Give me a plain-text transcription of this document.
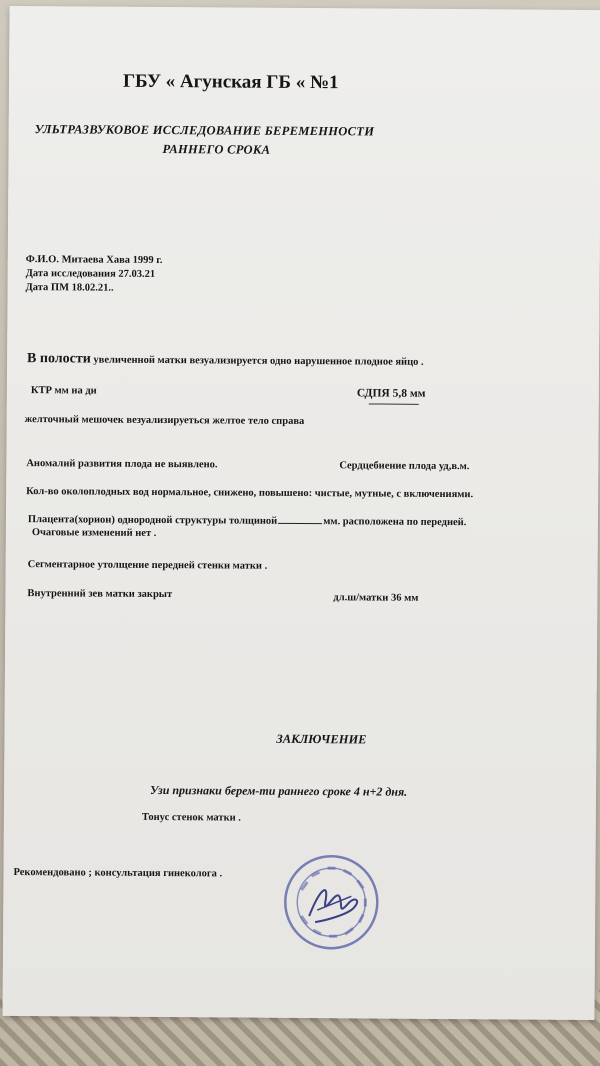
ГБУ « Агунская ГБ « №1
УЛЬТРАЗВУКОВОЕ ИССЛЕДОВАНИЕ БЕРЕМЕННОСТИ
РАННЕГО СРОКА
Ф.И.О. Митаева Хава 1999 г.
Дата исследования 27.03.21
Дата ПМ 18.02.21..
В полости увеличенной матки везуализируется одно нарушенное плодное яйцо .
КТР мм на ди	СДПЯ 5,8 мм
желточный мешочек везуализируеться желтое тело справа
Аномалий развития плода не выявлено.	Сердцебиение плода уд,в.м.
Кол-во околоплодных вод нормальное, снижено, повышено: чистые, мутные, с включениями.
Плацента(хорион) однородной структуры толщиной	мм. расположена по передней.
Очаговые изменений нет .
Сегментарное утолщение передней стенки матки .
Внутренний зев матки закрыт	дл.ш/матки 36 мм
ЗАКЛЮЧЕНИЕ
Узи признаки берем-ти раннего сроке 4 н+2 дня.
Тонус стенок матки .
Рекомендовано ; консультация гинеколога .
